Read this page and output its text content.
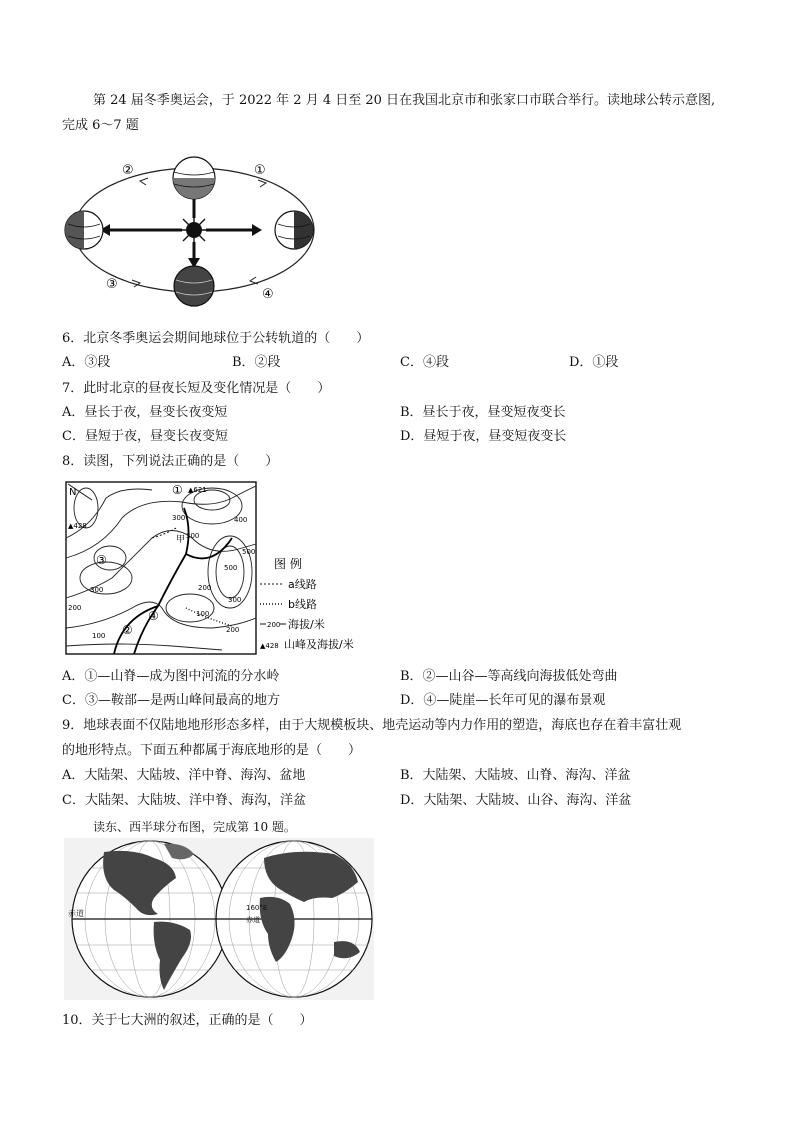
第 24 届冬季奥运会，于 2022 年 2 月 4 日至 20 日在我国北京市和张家口市联合举行。读地球公转示意图,
完成 6～7 题
②	①
③
④
6．北京冬季奥运会期间地球位于公转轨道的（　　）
A．③段	B．②段	C．④段	D．①段
7．此时北京的昼夜长短及变化情况是（　　）
A．昼长于夜，昼变长夜变短	B．昼长于夜，昼变短夜变长
C．昼短于夜，昼变长夜变短	D．昼短于夜，昼变短夜变长
8．读图，下列说法正确的是（　　）
N	①
②
③
④
▲428
▲621
300
300
400
500
300
200
100
200
100
200
300
500
甲
图 例
a线路
b线路
200 海拔/米
▲428 山峰及海拔/米
A．①—山脊—成为图中河流的分水岭	B．②—山谷—等高线向海拔低处弯曲
C．③—鞍部—是两山峰间最高的地方	D．④—陡崖—长年可见的瀑布景观
9．地球表面不仅陆地地形形态多样，由于大规模板块、地壳运动等内力作用的塑造，海底也存在着丰富壮观
的地形特点。下面五种都属于海底地形的是（　　）
A．大陆架、大陆坡、洋中脊、海沟、盆地	B．大陆架、大陆坡、山脊、海沟、洋盆
C．大陆架、大陆坡、洋中脊、海沟，洋盆	D．大陆架、大陆坡、山谷、海沟、洋盆
读东、西半球分布图，完成第 10 题。
赤道
160°E
赤道
10．关于七大洲的叙述，正确的是（　　）
